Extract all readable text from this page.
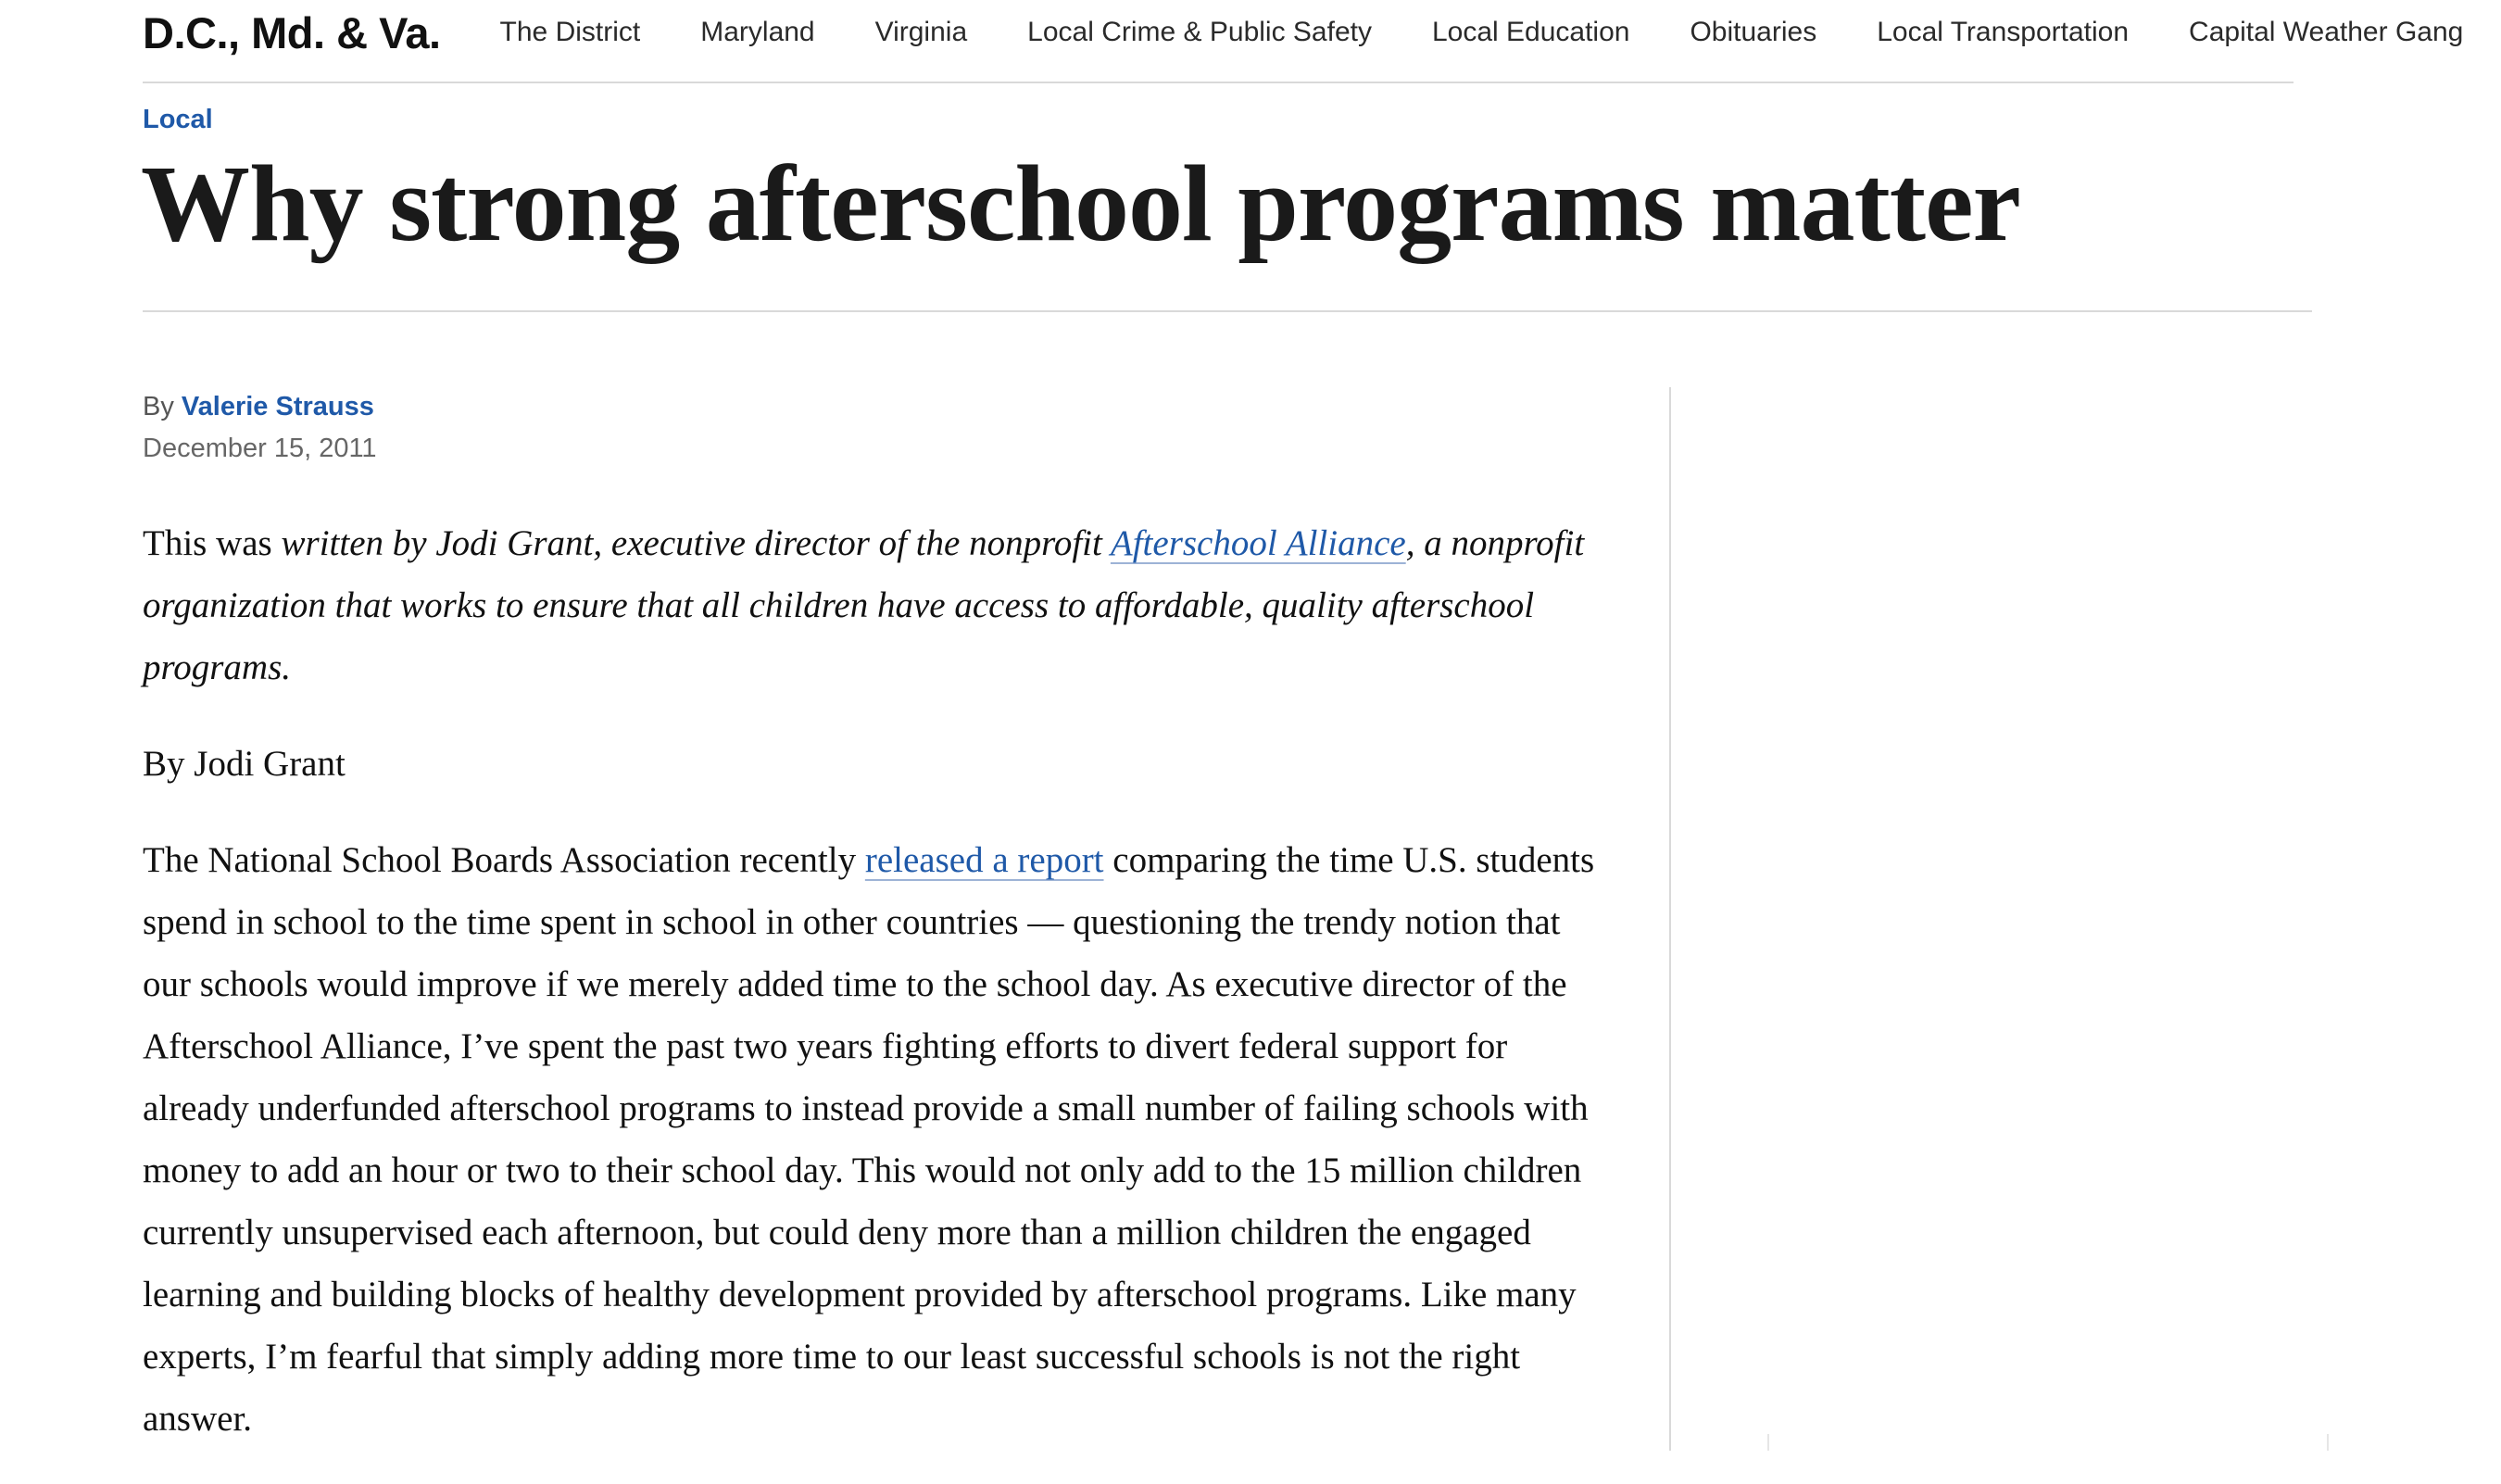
D.C., Md. & Va. The District Maryland Virginia Local Crime & Public Safety Local Education Obituaries Local Transportation Capital Weather Gang
Local
Why strong afterschool programs matter
By Valerie Strauss
December 15, 2011

This was written by Jodi Grant, executive director of the nonprofit Afterschool Alliance, a nonprofit organization that works to ensure that all children have access to affordable, quality afterschool programs.

By Jodi Grant

The National School Boards Association recently released a report comparing the time U.S. students spend in school to the time spent in school in other countries — questioning the trendy notion that our schools would improve if we merely added time to the school day. As executive director of the Afterschool Alliance, I’ve spent the past two years fighting efforts to divert federal support for already underfunded afterschool programs to instead provide a small number of failing schools with money to add an hour or two to their school day. This would not only add to the 15 million children currently unsupervised each afternoon, but could deny more than a million children the engaged learning and building blocks of healthy development provided by afterschool programs. Like many experts, I’m fearful that simply adding more time to our least successful schools is not the right answer.
